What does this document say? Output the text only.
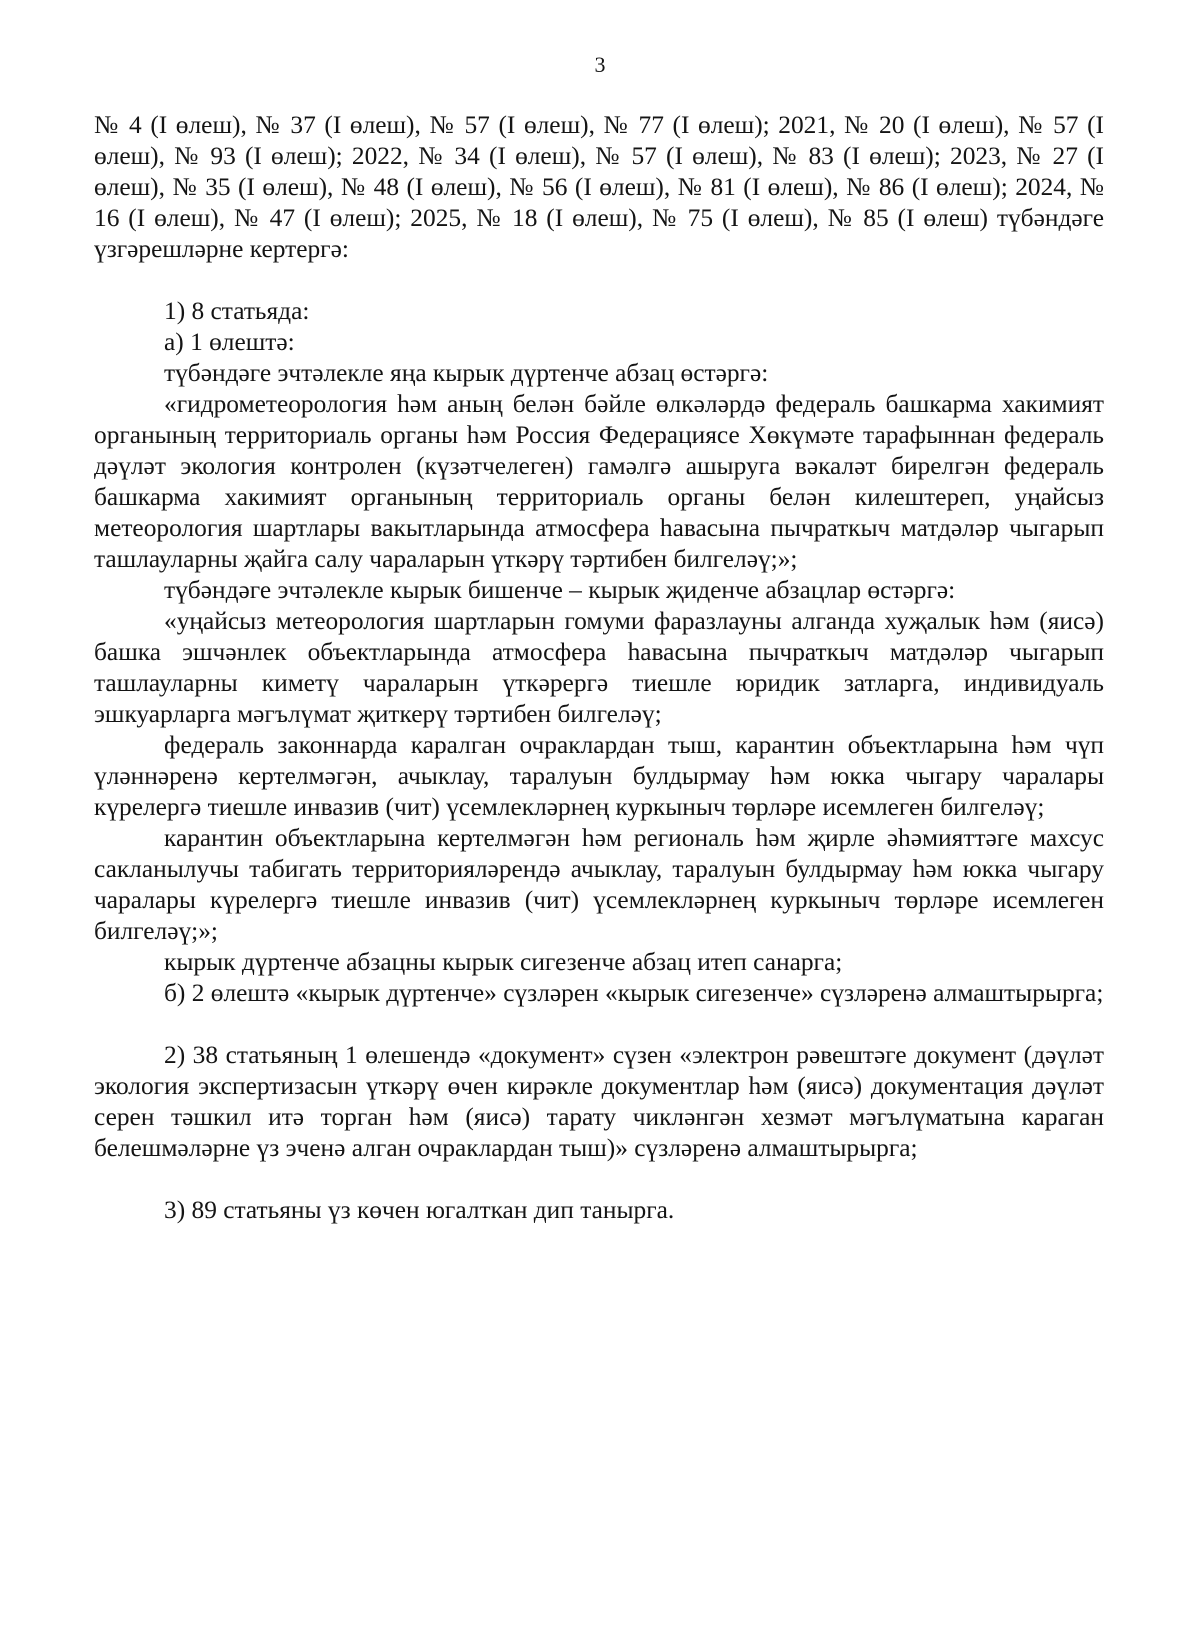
3

№ 4 (I өлеш), № 37 (I өлеш), № 57 (I өлеш), № 77 (I өлеш); 2021, № 20 (I өлеш), № 57 (I өлеш), № 93 (I өлеш); 2022, № 34 (I өлеш), № 57 (I өлеш), № 83 (I өлеш); 2023, № 27 (I өлеш), № 35 (I өлеш), № 48 (I өлеш), № 56 (I өлеш), № 81 (I өлеш), № 86 (I өлеш); 2024, № 16 (I өлеш), № 47 (I өлеш); 2025, № 18 (I өлеш), № 75 (I өлеш), № 85 (I өлеш) түбәндәге үзгәрешләрне кертергә:

1) 8 статьяда:

а) 1 өлештә:

түбәндәге эчтәлекле яңа кырык дүртенче абзац өстәргә:

«гидрометеорология һәм аның белән бәйле өлкәләрдә федераль башкарма хакимият органының территориаль органы һәм Россия Федерациясе Хөкүмәте тарафыннан федераль дәүләт экология контролен (күзәтчелеген) гамәлгә ашыруга вәкаләт бирелгән федераль башкарма хакимият органының территориаль органы белән килештереп, уңайсыз метеорология шартлары вакытларында атмосфера һавасына пычраткыч матдәләр чыгарып ташлауларны җайга салу чараларын үткәрү тәртибен билгеләү;»;

түбәндәге эчтәлекле кырык бишенче – кырык җиденче абзацлар өстәргә:

«уңайсыз метеорология шартларын гомуми фаразлауны алганда хуҗалык һәм (яисә) башка эшчәнлек объектларында атмосфера һавасына пычраткыч матдәләр чыгарып ташлауларны киметү чараларын үткәрергә тиешле юридик затларга, индивидуаль эшкуарларга мәгълүмат җиткерү тәртибен билгеләү;

федераль законнарда каралган очраклардан тыш, карантин объектларына һәм чүп үләннәренә кертелмәгән, ачыклау, таралуын булдырмау һәм юкка чыгару чаралары күрелергә тиешле инвазив (чит) үсемлекләрнең куркыныч төрләре исемлеген билгеләү;

карантин объектларына кертелмәгән һәм региональ һәм җирле әһәмияттәге махсус сакланылучы табигать территорияләрендә ачыклау, таралуын булдырмау һәм юкка чыгару чаралары күрелергә тиешле инвазив (чит) үсемлекләрнең куркыныч төрләре исемлеген билгеләү;»;

кырык дүртенче абзацны кырык сигезенче абзац итеп санарга;

б) 2 өлештә «кырык дүртенче» сүзләрен «кырык сигезенче» сүзләренә алмаштырырга;

2) 38 статьяның 1 өлешендә «документ» сүзен «электрон рәвештәге документ (дәүләт экология экспертизасын үткәрү өчен кирәкле документлар һәм (яисә) документация дәүләт серен тәшкил итә торган һәм (яисә) тарату чикләнгән хезмәт мәгълүматына караган белешмәләрне үз эченә алган очраклардан тыш)» сүзләренә алмаштырырга;

3) 89 статьяны үз көчен югалткан дип танырга.
